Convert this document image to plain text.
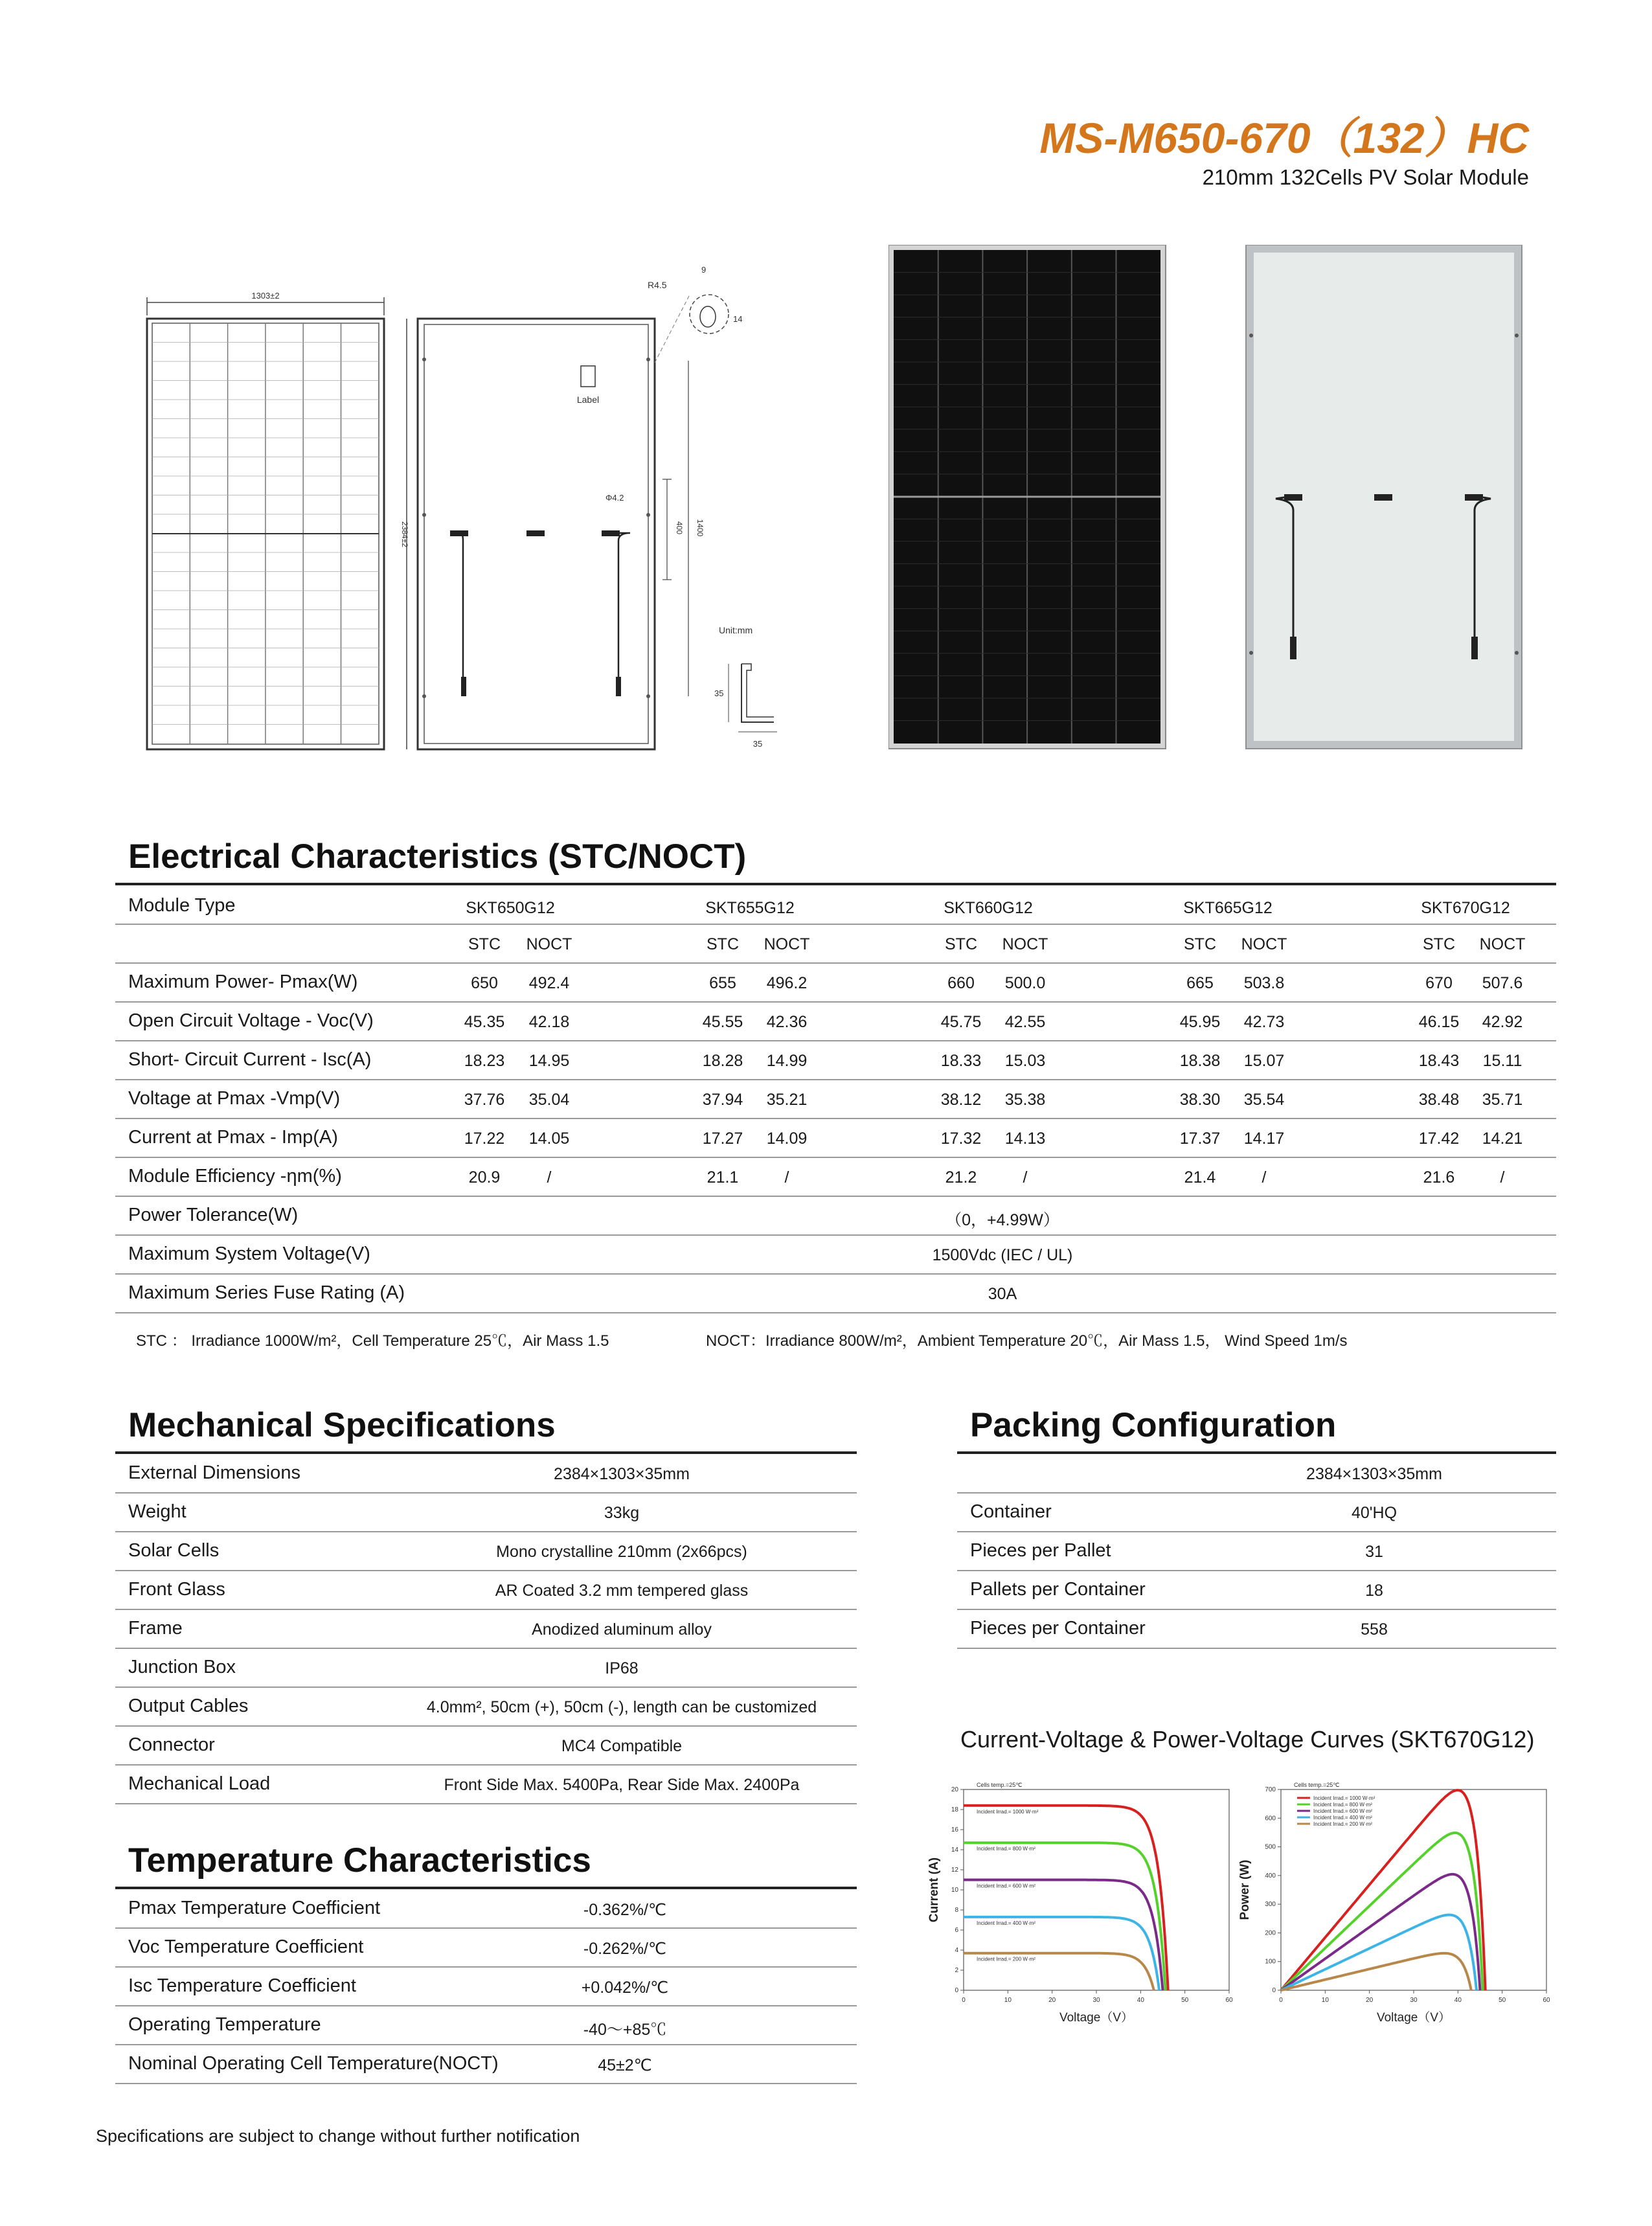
MS-M650-670（132）HC
210mm 132Cells PV Solar Module
1303±2
2384±2
Label
Φ4.2
400 1400
R4.5
9
14
Unit:mm
35
35
Electrical Characteristics (STC/NOCT)
Module Type	SKT650G12	SKT655G12	SKT660G12	SKT665G12	SKT670G12
STC NOCT	STC NOCT	STC NOCT	STC NOCT	STC NOCT
Maximum Power- Pmax(W)	650 492.4	655 496.2	660 500.0	665 503.8	670 507.6
Open Circuit Voltage - Voc(V)	45.35 42.18	45.55 42.36	45.75 42.55	45.95 42.73	46.15 42.92
Short- Circuit Current - Isc(A)	18.23 14.95	18.28 14.99	18.33 15.03	18.38 15.07	18.43 15.11
Voltage at Pmax -Vmp(V)	37.76 35.04	37.94 35.21	38.12 35.38	38.30 35.54	38.48 35.71
Current at Pmax - Imp(A)	17.22 14.05	17.27 14.09	17.32 14.13	17.37 14.17	17.42 14.21
Module Efficiency -ηm(%)	20.9	/	21.1	/	21.2	/	21.4	/	21.6	/
Power Tolerance(W)	（0，+4.99W）
Maximum System Voltage(V)	1500Vdc (IEC / UL)
Maximum Series Fuse Rating (A)	30A
STC ： Irradiance 1000W/m²，Cell Temperature 25℃，Air Mass 1.5	NOCT：Irradiance 800W/m²，Ambient Temperature 20℃，Air Mass 1.5， Wind Speed 1m/s
Mechanical Specifications
External Dimensions	2384×1303×35mm
Weight	33kg
Solar Cells	Mono crystalline 210mm (2x66pcs)
Front Glass	AR Coated 3.2 mm tempered glass
Frame	Anodized aluminum alloy
Junction Box	IP68
Output Cables	4.0mm², 50cm (+), 50cm (-), length can be customized
Connector	MC4 Compatible
Mechanical Load	Front Side Max. 5400Pa, Rear Side Max. 2400Pa
Packing Configuration
2384×1303×35mm
Container	40'HQ
Pieces per Pallet	31
Pallets per Container	18
Pieces per Container	558
Temperature Characteristics
Pmax Temperature Coefficient	-0.362%/℃
Voc Temperature Coefficient	-0.262%/℃
Isc Temperature Coefficient	+0.042%/℃
Operating Temperature	-40～+85℃
Nominal Operating Cell Temperature(NOCT)	45±2℃
Current-Voltage & Power-Voltage Curves (SKT670G12)
0	10	20	30	40	50	60
0
2
4
6
8
10
12
14
16
18
20
Voltage（V）
Current (A)
Cells temp.=25℃
Incident Irrad.= 1000 W·m²
Incident Irrad.= 800 W·m²
Incident Irrad.= 600 W·m²
Incident Irrad.= 400 W·m²
Incident Irrad.= 200 W·m²
0	10	20	30	40	50	60
0
100
200
300
400
500
600
700
Voltage（V）
Power (W)
Cells temp.=25℃
Incident Irrad.= 1000 W·m²
Incident Irrad.= 800 W·m²
Incident Irrad.= 600 W·m²
Incident Irrad.= 400 W·m²
Incident Irrad.= 200 W·m²
Specifications are subject to change without further notification
